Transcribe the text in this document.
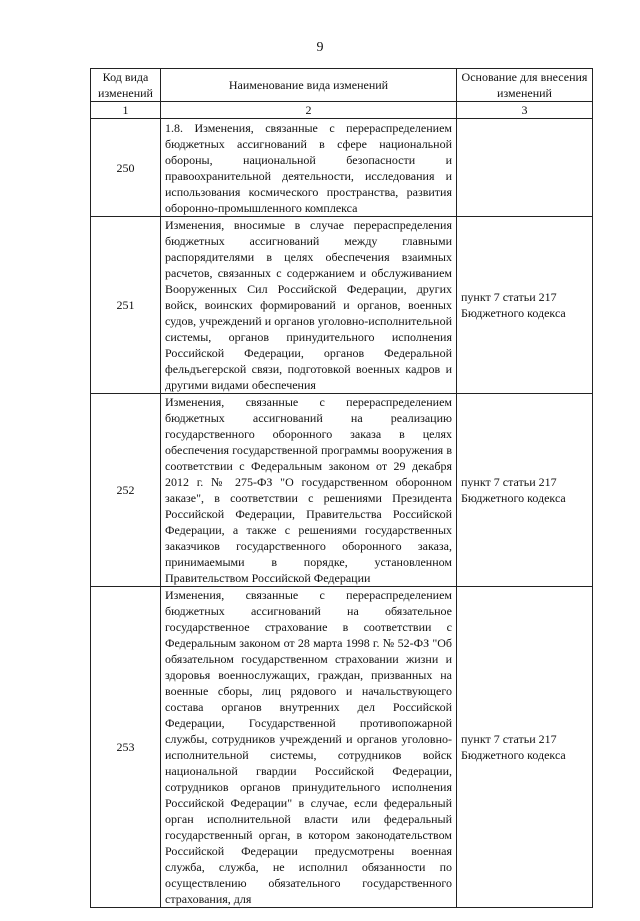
9
Код вида изменений	Наименование вида изменений	Основание для внесения изменений
1	2	3
250	1.8. Изменения, связанные с перераспределением бюджетных ассигнований в сфере национальной обороны, национальной безопасности и правоохранительной деятельности, исследования и использования космического пространства, развития оборонно-промышленного комплекса	

251	Изменения, вносимые в случае перераспределения бюджетных ассигнований между главными распорядителями в целях обеспечения взаимных расчетов, связанных с содержанием и обслуживанием Вооруженных Сил Российской Федерации, других войск, воинских формирований и органов, военных судов, учреждений и органов уголовно-исполнительной системы, органов принудительного исполнения Российской Федерации, органов Федеральной фельдъегерской связи, подготовкой военных кадров и другими видами обеспечения	пункт 7 статьи 217 Бюджетного кодекса

252	Изменения, связанные с перераспределением бюджетных ассигнований на реализацию государственного оборонного заказа в целях обеспечения государственной программы вооружения в соответствии с Федеральным законом от 29 декабря 2012 г. № 275-ФЗ "О государственном оборонном заказе", в соответствии с решениями Президента Российской Федерации, Правительства Российской Федерации, а также с решениями государственных заказчиков государственного оборонного заказа, принимаемыми в порядке, установленном Правительством Российской Федерации	пункт 7 статьи 217 Бюджетного кодекса

253	Изменения, связанные с перераспределением бюджетных ассигнований на обязательное государственное страхование в соответствии с Федеральным законом от 28 марта 1998 г. № 52-ФЗ "Об обязательном государственном страховании жизни и здоровья военнослужащих, граждан, призванных на военные сборы, лиц рядового и начальствующего состава органов внутренних дел Российской Федерации, Государственной противопожарной службы, сотрудников учреждений и органов уголовно-исполнительной системы, сотрудников войск национальной гвардии Российской Федерации, сотрудников органов принудительного исполнения Российской Федерации" в случае, если федеральный орган исполнительной власти или федеральный государственный орган, в котором законодательством Российской Федерации предусмотрены военная служба, служба, не исполнил обязанности по осуществлению обязательного государственного страхования, для	пункт 7 статьи 217 Бюджетного кодекса
